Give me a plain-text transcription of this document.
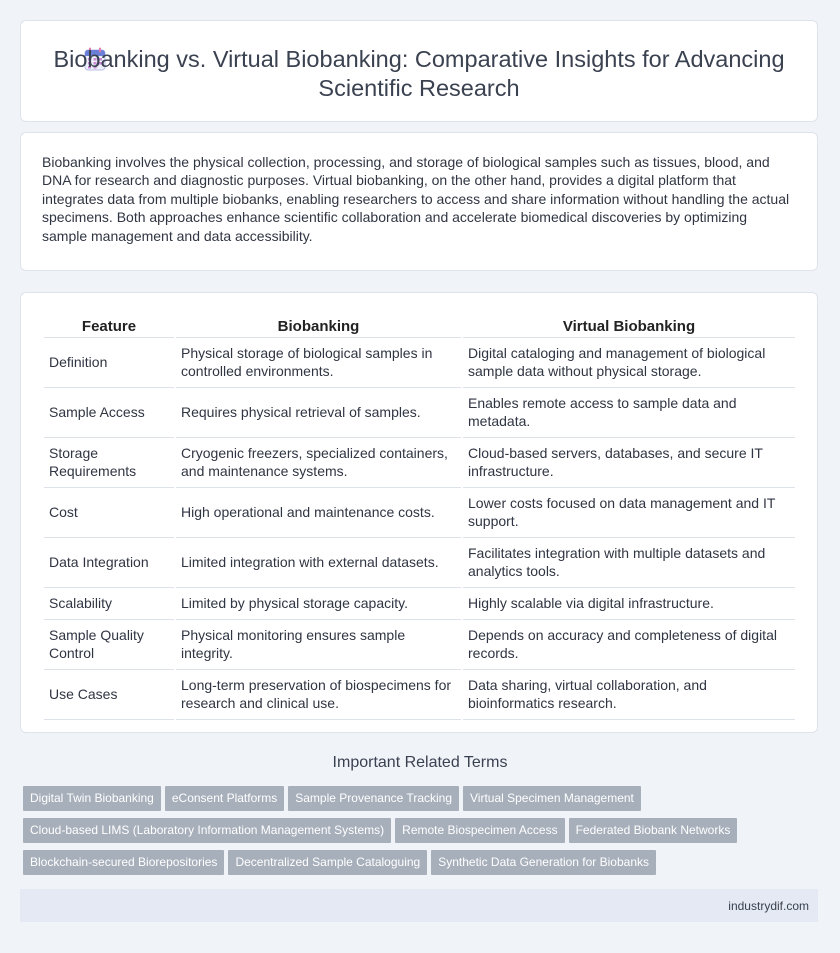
Biobanking vs. Virtual Biobanking: Comparative Insights for Advancing Scientific Research
Biobanking involves the physical collection, processing, and storage of biological samples such as tissues, blood, and DNA for research and diagnostic purposes. Virtual biobanking, on the other hand, provides a digital platform that integrates data from multiple biobanks, enabling researchers to access and share information without handling the actual specimens. Both approaches enhance scientific collaboration and accelerate biomedical discoveries by optimizing sample management and data accessibility.
Feature	Biobanking	Virtual Biobanking
Definition	Physical storage of biological samples in controlled environments.	Digital cataloging and management of biological sample data without physical storage.
Sample Access	Requires physical retrieval of samples.	Enables remote access to sample data and metadata.
Storage Requirements	Cryogenic freezers, specialized containers, and maintenance systems.	Cloud-based servers, databases, and secure IT infrastructure.
Cost	High operational and maintenance costs.	Lower costs focused on data management and IT support.
Data Integration	Limited integration with external datasets.	Facilitates integration with multiple datasets and analytics tools.
Scalability	Limited by physical storage capacity.	Highly scalable via digital infrastructure.
Sample Quality Control	Physical monitoring ensures sample integrity.	Depends on accuracy and completeness of digital records.
Use Cases	Long-term preservation of biospecimens for research and clinical use.	Data sharing, virtual collaboration, and bioinformatics research.
Important Related Terms
Digital Twin Biobanking eConsent Platforms Sample Provenance Tracking Virtual Specimen Management
Cloud-based LIMS (Laboratory Information Management Systems) Remote Biospecimen Access Federated Biobank Networks
Blockchain-secured Biorepositories Decentralized Sample Cataloguing Synthetic Data Generation for Biobanks
industrydif.com
